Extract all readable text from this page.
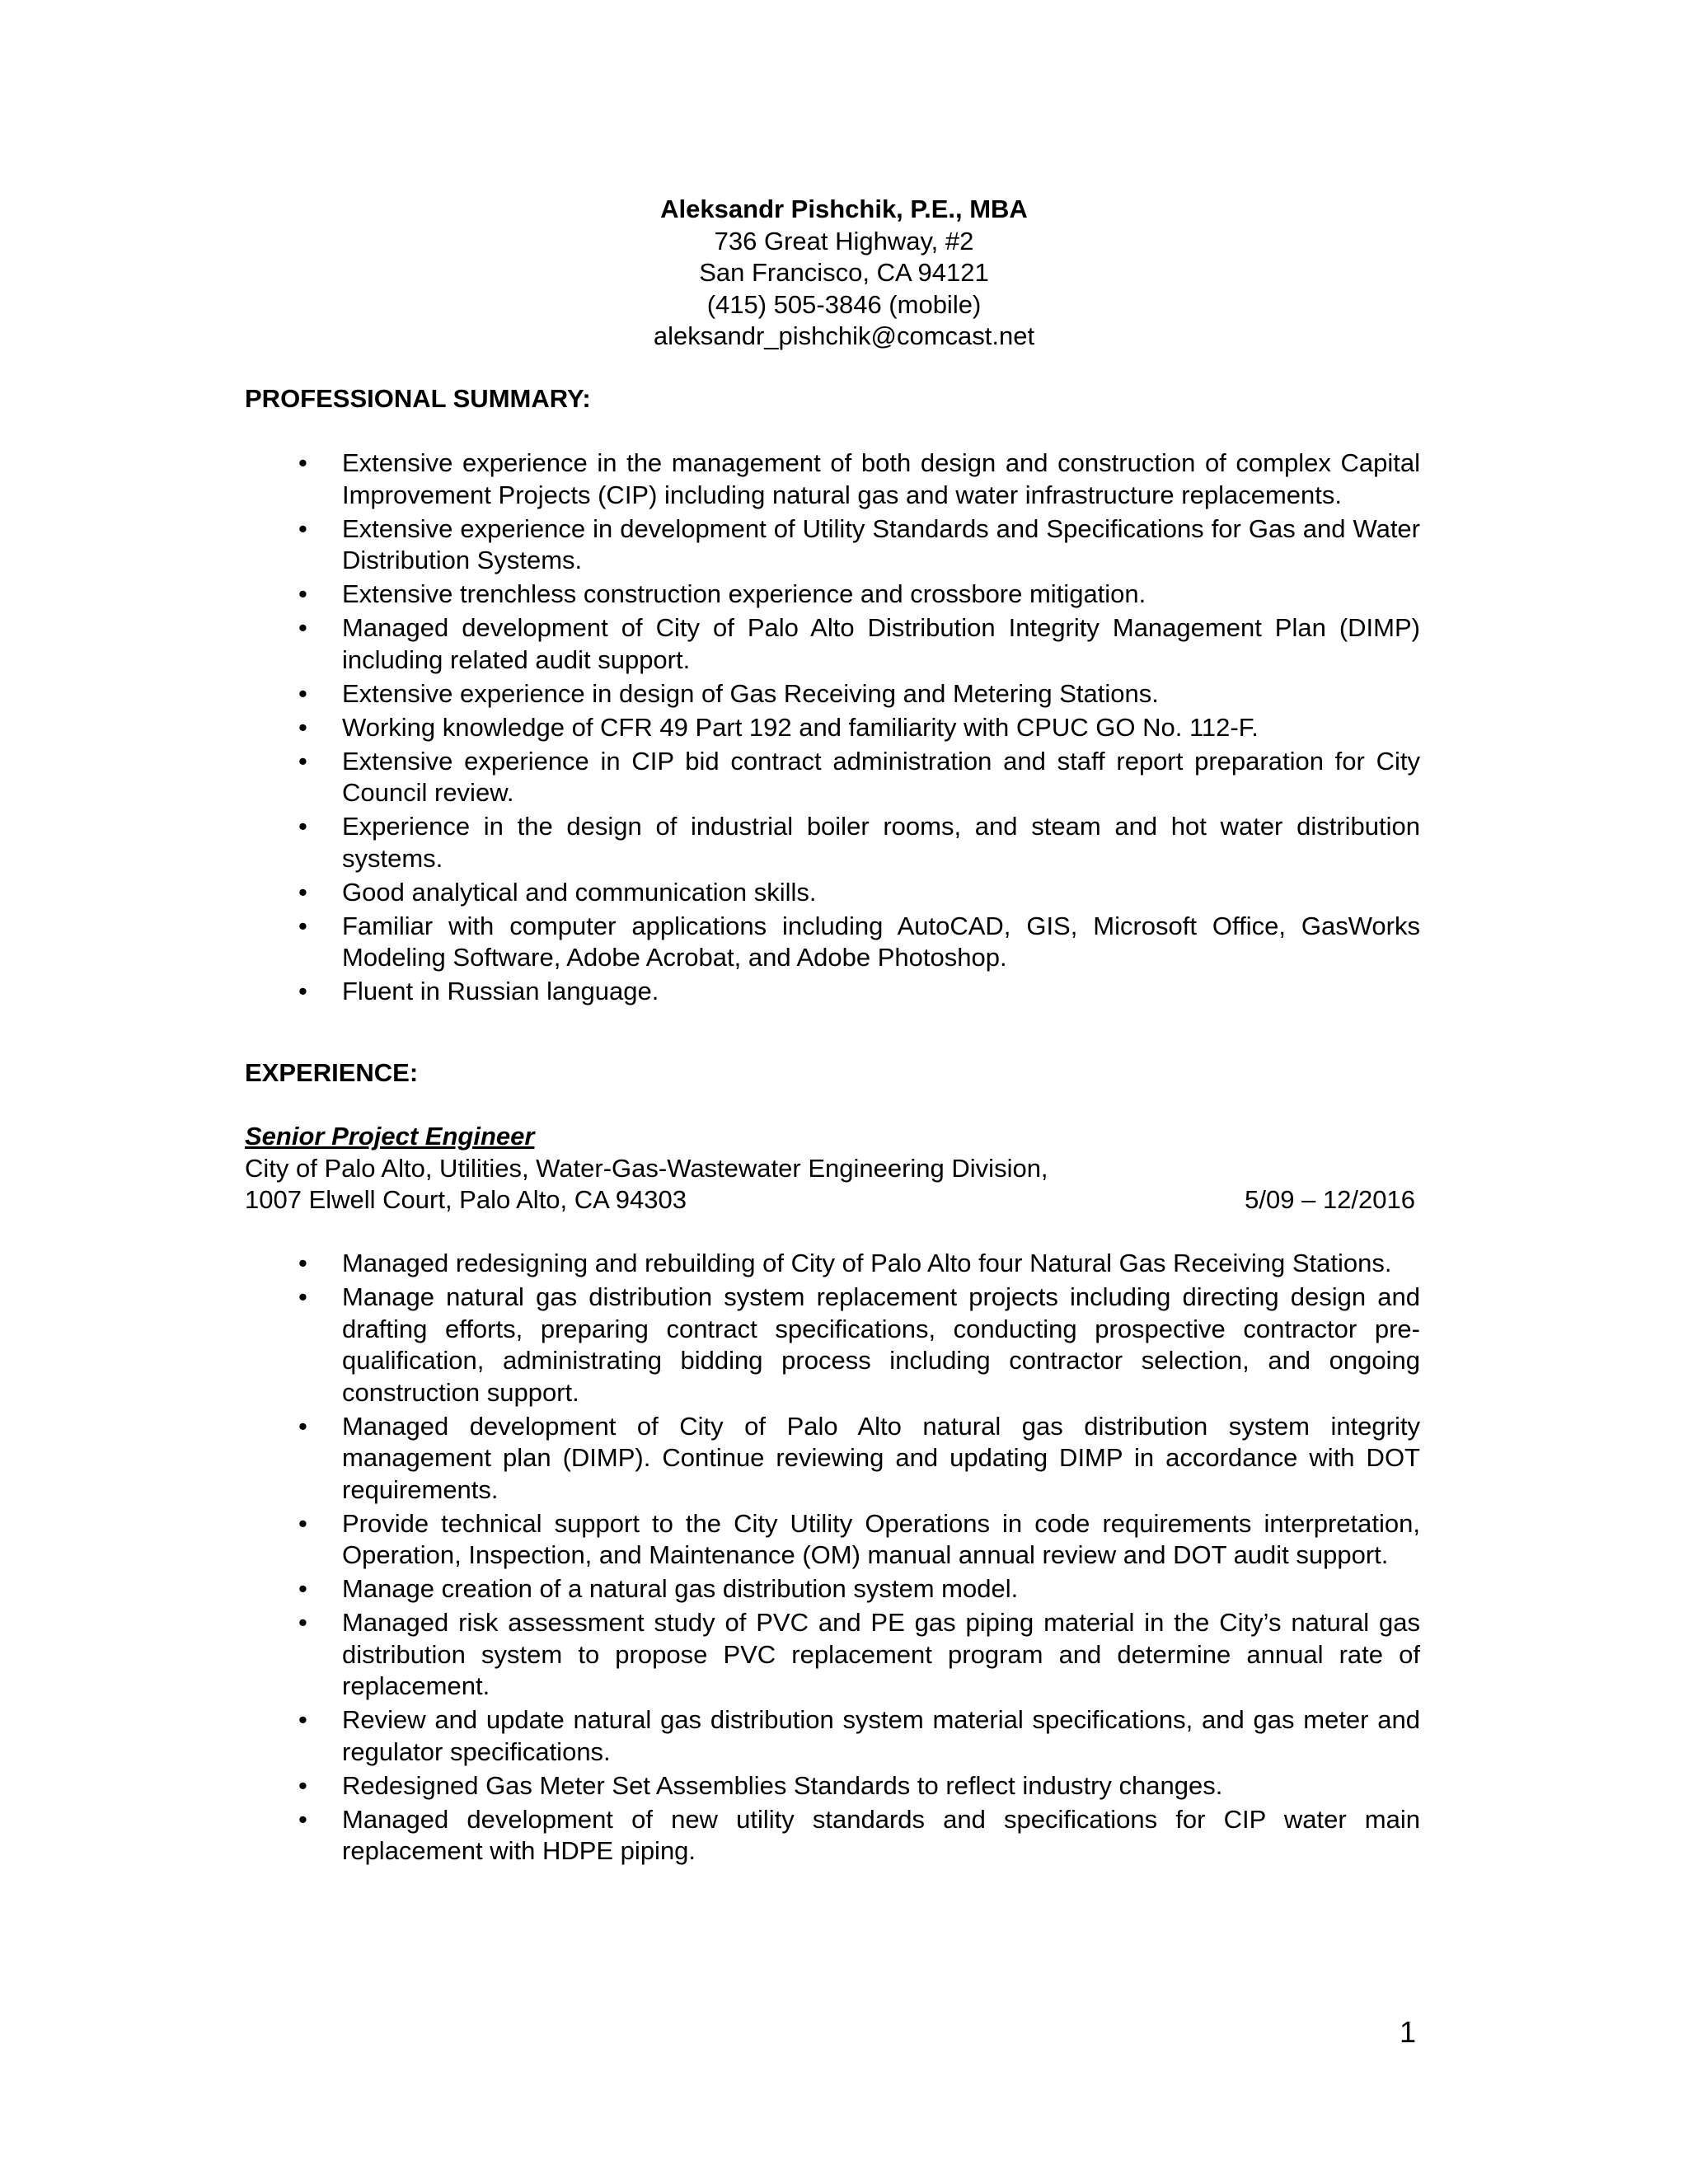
Aleksandr Pishchik, P.E., MBA
736 Great Highway, #2
San Francisco, CA 94121
(415) 505-3846 (mobile)
aleksandr_pishchik@comcast.net
PROFESSIONAL SUMMARY:
• Extensive experience in the management of both design and construction of complex Capital Improvement Projects (CIP) including natural gas and water infrastructure replacements.
• Extensive experience in development of Utility Standards and Specifications for Gas and Water Distribution Systems.
• Extensive trenchless construction experience and crossbore mitigation.
• Managed development of City of Palo Alto Distribution Integrity Management Plan (DIMP) including related audit support.
• Extensive experience in design of Gas Receiving and Metering Stations.
• Working knowledge of CFR 49 Part 192 and familiarity with CPUC GO No. 112-F.
• Extensive experience in CIP bid contract administration and staff report preparation for City Council review.
• Experience in the design of industrial boiler rooms, and steam and hot water distribution systems.
• Good analytical and communication skills.
• Familiar with computer applications including AutoCAD, GIS, Microsoft Office, GasWorks Modeling Software, Adobe Acrobat, and Adobe Photoshop.
• Fluent in Russian language.
EXPERIENCE:
Senior Project Engineer
City of Palo Alto, Utilities, Water-Gas-Wastewater Engineering Division,
1007 Elwell Court, Palo Alto, CA 94303	5/09 – 12/2016
• Managed redesigning and rebuilding of City of Palo Alto four Natural Gas Receiving Stations.
• Manage natural gas distribution system replacement projects including directing design and drafting efforts, preparing contract specifications, conducting prospective contractor pre-qualification, administrating bidding process including contractor selection, and ongoing construction support.
• Managed development of City of Palo Alto natural gas distribution system integrity management plan (DIMP). Continue reviewing and updating DIMP in accordance with DOT requirements.
• Provide technical support to the City Utility Operations in code requirements interpretation, Operation, Inspection, and Maintenance (OM) manual annual review and DOT audit support.
• Manage creation of a natural gas distribution system model.
• Managed risk assessment study of PVC and PE gas piping material in the City’s natural gas distribution system to propose PVC replacement program and determine annual rate of replacement.
• Review and update natural gas distribution system material specifications, and gas meter and regulator specifications.
• Redesigned Gas Meter Set Assemblies Standards to reflect industry changes.
• Managed development of new utility standards and specifications for CIP water main replacement with HDPE piping.
1
